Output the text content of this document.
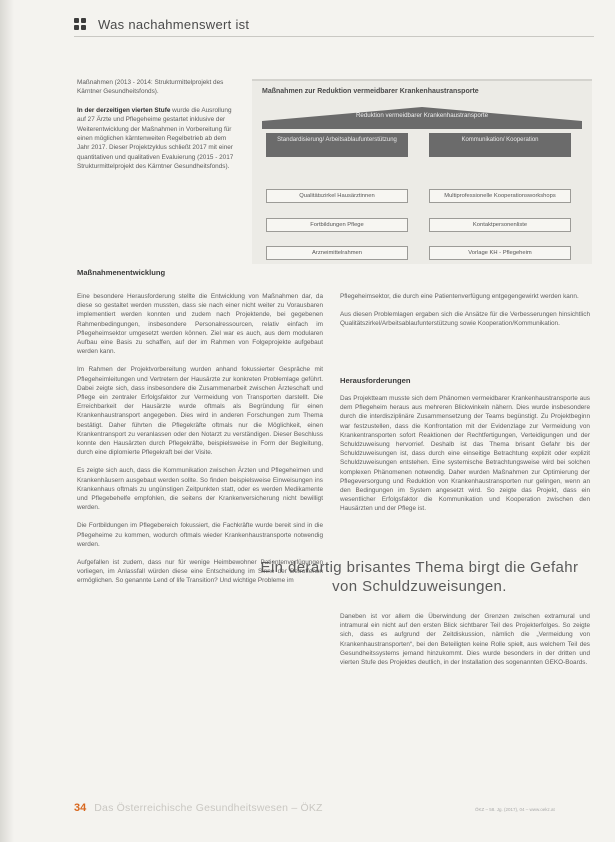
Was nachahmenswert ist

Maßnahmen (2013 - 2014: Strukturmittelprojekt des Kärntner Gesundheitsfonds).

In der derzeitigen vierten Stufe wurde die Ausrollung auf 27 Ärzte und Pflegeheime gestartet inklusive der Weiterentwicklung der Maßnahmen in Vorbereitung für einen möglichen kärntenweiten Regelbetrieb ab dem Jahr 2017. Dieser Projektzyklus schließt 2017 mit einer quantitativen und qualitativen Evaluierung (2015 - 2017 Strukturmittelprojekt des Kärntner Gesundheitsfonds).

Maßnahmen zur Reduktion vermeidbarer Krankenhaustransporte
Reduktion vermeidbarer Krankenhaustransporte
Standardisierung/ Arbeitsablaufunterstützung	Kommunikation/ Kooperation
Qualitätszirkel Hausärztinnen
Fortbildungen Pflege
Arzneimittelrahmen
Multiprofessionelle Kooperationsworkshops
Kontaktpersonenliste
Vorlage KH - Pflegeheim
Maßnahmenentwicklung

Eine besondere Herausforderung stellte die Entwicklung von Maßnahmen dar, da diese so gestaltet werden mussten, dass sie nach einer nicht weiter zu Vorausbaren implementiert werden konnten und zudem nach Projektende, bei gegebenen Rahmenbedingungen, insbesondere Personalressourcen, relativ einfach im Pflegeheimsektor umgesetzt werden können. Ziel war es auch, aus dem modularen Aufbau eine Basis zu schaffen, auf der im Rahmen von Folgeprojekte aufgebaut werden kann.

Im Rahmen der Projektvorbereitung wurden anhand fokussierter Gespräche mit Pflegeheimleitungen und Vertretern der Hausärzte zur konkreten Problemlage geführt. Dabei zeigte sich, dass insbesondere die Zusammenarbeit zwischen Ärzteschaft und Pflege ein zentraler Erfolgsfaktor zur Vermeidung von Transporten darstellt. Die Erreichbarkeit der Hausärzte wurde oftmals als Begründung für einen Krankenhaustransport angegeben. Dies wird in anderen Forschungen zum Thema bestätigt. Daher führten die Pflegekräfte oftmals nur die Möglichkeit, einen Krankentransport zu veranlassen oder den Notarzt zu verständigen. Dieser Beschluss konnte den Hausärzten durch Pflegekräfte, beispielsweise in Form der Begleitung, durch eine diplomierte Pflegekraft bei der Visite.

Es zeigte sich auch, dass die Kommunikation zwischen Ärzten und Pflegeheimen und Krankenhäusern ausgebaut werden sollte. So finden beispielsweise Einweisungen ins Krankenhaus oftmals zu ungünstigen Zeitpunkten statt, oder es werden Medikamente und Pflegebehelfe empfohlen, die seitens der Krankenversicherung nicht bewilligt werden.

Die Fortbildungen im Pflegebereich fokussiert, die Fachkräfte wurde bereit sind in die Pflegeheime zu kommen, wodurch oftmals wieder Krankenhaustransporte notwendig werden.

Aufgefallen ist zudem, dass nur für wenige Heimbewohner Patientenverfügungen vorliegen, im Anlassfall würden diese eine Entscheidung im Sinne der Betroffenen ermöglichen. So genannte Lend of life Transition? Und wichtige Probleme im

Pflegeheimsektor, die durch eine Patientenverfügung entgegengewirkt werden kann.

Aus diesen Problemlagen ergaben sich die Ansätze für die Verbesserungen hinsichtlich Qualitätszirkel/Arbeitsablaufunterstützung sowie Kooperation/Kommunikation.

Herausforderungen

Das Projektteam musste sich dem Phänomen vermeidbarer Krankenhaustransporte aus dem Pflegeheim heraus aus mehreren Blickwinkeln nähern. Dies wurde insbesondere durch die interdisziplinäre Zusammensetzung der Teams begünstigt. Zu Projektbeginn war festzustellen, dass die Konfrontation mit der Evidenzlage zur Vermeidung von Krankentransporten sofort Reaktionen der Rechtfertigungen, Verteidigungen und der Schuldzuweisung hervorrief. Deshalb ist das Thema brisant Gefahr bis der Schuldzuweisungen ist, dass durch eine einseitige Betrachtung explizit oder explizit Schuldzuweisungen entstehen. Eine systemische Betrachtungsweise wird bei solchen komplexen Phänomenen notwendig. Daher wurden Maßnahmen zur Optimierung der Pflegeversorgung und Reduktion von Krankenhaustransporten nur gelingen, wenn an den Bedingungen im System angesetzt wird. So zeigte das Projekt, dass ein wesentlicher Erfolgsfaktor die Kommunikation und Kooperation zwischen den Hausärzten und der Pflege ist.

Ein derartig brisantes Thema birgt die Gefahr von Schuldzuweisungen.

Daneben ist vor allem die Überwindung der Grenzen zwischen extramural und intramural ein nicht auf den ersten Blick sichtbarer Teil des Projekterfolges. So zeigte sich, dass es aufgrund der Zeitdiskussion, nämlich die „Vermeidung von Krankenhaustransporten“, bei den Beteiligten keine Rolle spielt, aus welchem Teil des Gesundheitssystems jemand hinzukommt. Dies wurde besonders in der dritten und vierten Stufe des Projektes deutlich, in der Installation des sogenannten GEKO-Boards.

34 Das Österreichische Gesundheitswesen – ÖKZ	ÖKZ – 58. Jg. (2017), 04 – www.oekz.at
